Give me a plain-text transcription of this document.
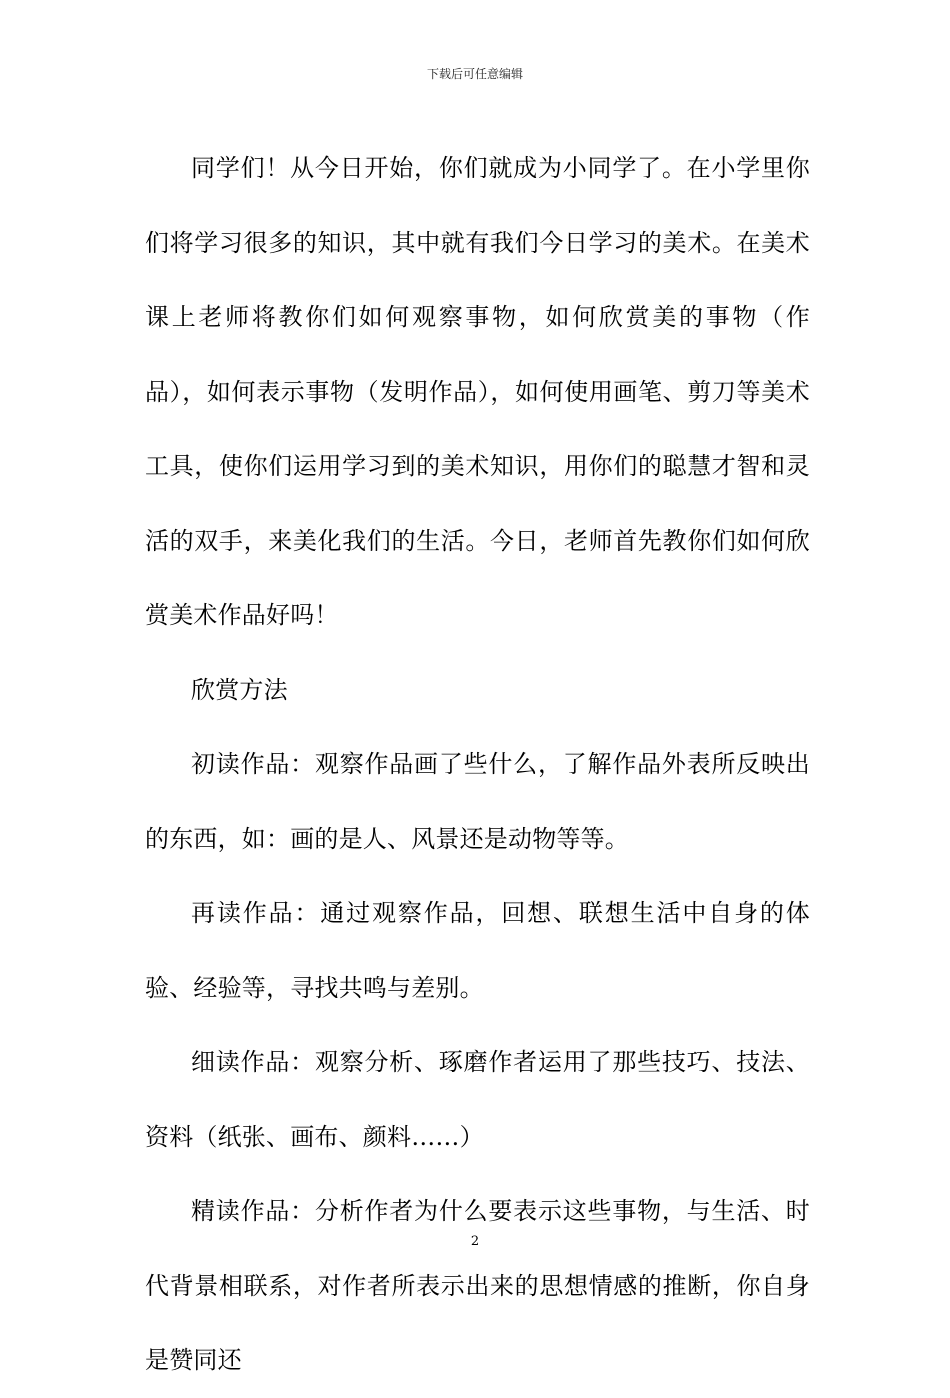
下载后可任意编辑

同学们！从今日开始，你们就成为小同学了。在小学里你们将学习很多的知识，其中就有我们今日学习的美术。在美术课上老师将教你们如何观察事物，如何欣赏美的事物（作品），如何表示事物（发明作品），如何使用画笔、剪刀等美术工具，使你们运用学习到的美术知识，用你们的聪慧才智和灵活的双手，来美化我们的生活。今日，老师首先教你们如何欣赏美术作品好吗！

欣赏方法

初读作品：观察作品画了些什么，了解作品外表所反映出的东西，如：画的是人、风景还是动物等等。

再读作品：通过观察作品，回想、联想生活中自身的体验、经验等，寻找共鸣与差别。

细读作品：观察分析、琢磨作者运用了那些技巧、技法、资料（纸张、画布、颜料……）

精读作品：分析作者为什么要表示这些事物，与生活、时代背景相联系，对作者所表示出来的思想情感的推断，你自身是赞同还

2
